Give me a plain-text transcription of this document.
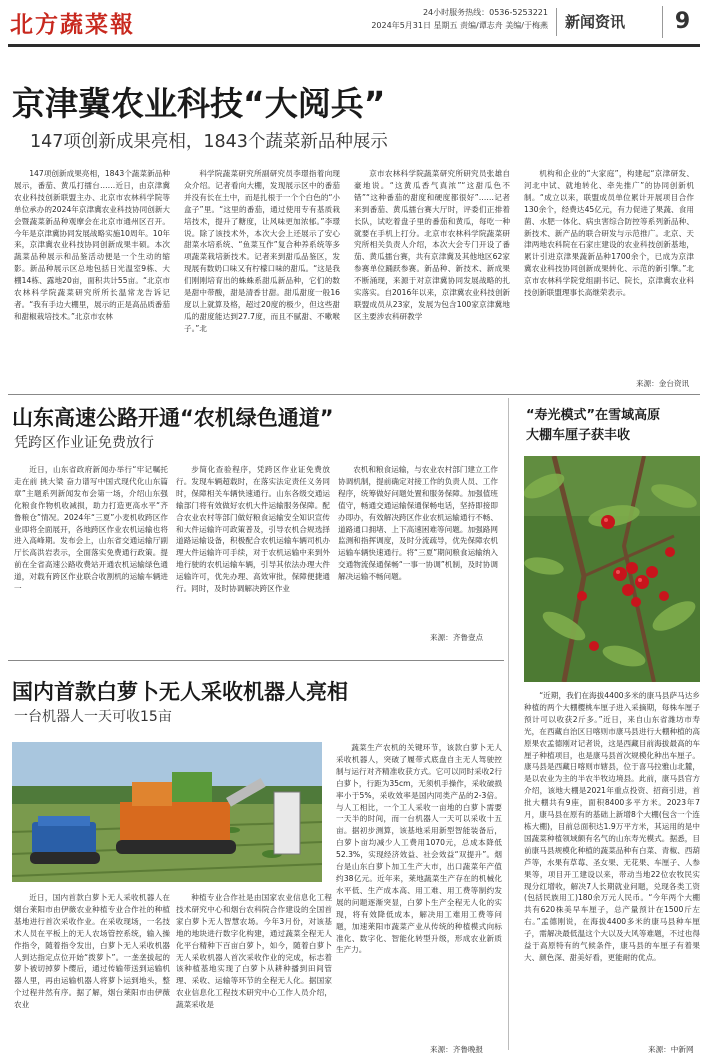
北方蔬菜報	24小时服务热线：0536-5253221
2024年5月31日 星期五 责编/谭志舟 美编/于梅燕	新闻资讯	9
京津冀农业科技“大阅兵”
147项创新成果亮相，1843个蔬菜新品种展示

147项创新成果亮相，1843个蔬菜新品种展示，番茄、黄瓜打擂台……近日，由京津冀农业科技创新联盟主办、北京市农林科学院等单位承办的2024年京津冀农业科技协同创新大会暨蔬菜新品种观摩会在北京市通州区召开。今年是京津冀协同发展战略实施10周年。10年来，京津冀农业科技协同创新成果丰硕。本次蔬菜品种展示和品鉴活动便是一个生动的缩影。新品种展示区总地包括日光温室9栋、大棚14栋、露地20亩，面积共计55亩。“北京市农林科学院蔬菜研究所所长温常龙告诉记者。“我有手边大棚里，展示的正是高品质番茄和甜椒栽培技术。”北京市农林

科学院蔬菜研究所副研究员李璟指着向现众介绍。记者看向大棚，发现展示区中的番茄并没有长在土中，而是扎根于一个个白色的“小盒子”里。“这里的番茄，通过使用专有基质栽培技术，提升了糖度，让风味更加浓郁。”李璟说。除了该技术外，本次大会上还展示了安心甜菜水培系统、“鱼菜互作”复合种养系统等多项蔬菜栽培新技术。记者来到甜瓜品鉴区，发现展有数奶口味又有柠檬口味的甜瓜。“这是我们刚刚培育出的蛛蛛系甜瓜新品种，它们的数是甜中带酸，甜是清香甘甜。甜瓜甜度一般16度以上就算及格，超过20度的极少，但这些甜瓜的甜度能达到27.7度，而且不腻甜、不嗽喉子。”北

京市农林科学院蔬菜研究所研究员张雄自豪地说。“这黄瓜香气真浓”“这甜瓜色不错”“这种番茄的甜度和硬度都很好”……记者来到番茄、黄瓜擂台赛大厅时，评委们正排着长队，试吃着盘子里的番茄和黄瓜，每吃一种就要在手机上打分。北京市农林科学院蔬菜研究所相关负责人介绍，本次大会专门开设了番茄、黄瓜擂台赛，共有京津冀及其他地区62家参赛单位踊跃参赛。新品种、新技术、新成果不断涌现，来源于对京津冀协同发展战略的扎实落实。自2016年以来，京津冀农业科技创新联盟成员从23家，发展为包含100家京津冀地区主要涉农科研教学

机构和企业的“大家庭”，构建起“京津研发、河北中试、就地转化、牵先推广”的协同创新机制。“成立以来，联盟成员单位累计开展项目合作130余个，经费达45亿元，有力促进了果蔬、食用菌、水肥一体化、病虫害综合防控等系列新品种、新技术、新产品的联合研发与示范推广。北京、天津两地农科院在石家庄建设的农业科技创新基地，累计引进京津果蔬新品种1700余个，已成为京津冀农业科技协同创新成果转化、示范的新引擎。”北京市农林科学院党组副书记、院长，京津冀农业科技创新联盟理事长高继荣表示。

来源：金台资讯
山东高速公路开通“农机绿色通道”
凭跨区作业证免费放行

近日，山东省政府新闻办举行“牢记嘱托 走在前 挑大梁 奋力谱写中国式现代化山东篇章”主题系列新闻发布会第一场，介绍山东强化粮食作物机收减损，助力打造更高水平“齐鲁粮仓”情况。2024年“三夏”小麦机收跨区作业即将全面展开，各地跨区作业农机运输也将进入高峰期。发布会上，山东省交通运输厅副厅长高洪岩表示，全面落实免费通行政策。提前在全省高速公路收费站开通农机运输绿色通道，对载有跨区作业联合收割机的运输车辆进一

步简化查验程序，凭跨区作业证免费放行。发现车辆超载时，在落实法定责任义务同时，保障相关车辆快速通行。山东各级交通运输部门将有效做好农机大件运输服务保障。配合农业农村等部门做好粮食运输安全知识宣传和大件运输许可政策普及，引导农机合规选择道路运输设备，积极配合农机运输车辆司机办理大件运输许可手续，对于农机运输中来到外地行驶的农机运输车辆，引导其依法办理大件运输许可，优先办理、高效审批，保障便捷通行。同时，及时协调解决跨区作业

农机和粮食运输，与农业农村部门建立工作协调机制，提前确定对接工作的负责人员、工作程序，统筹做好问题处置和服务保障。加强值班值守，畅通交通运输保通保畅电话，坚持即接即办即办，有效解决跨区作业农机运输通行不畅、道路通口拥堵、上下高速困难等问题。加强路网监测和指挥调度，及时分流疏导，优先保障农机运输车辆快速通行。将“三夏”期间粮食运输纳入交通物流保通保畅“一事一协调”机制，及时协调解决运输不畅问题。

来源：齐鲁壹点
“寿光模式”在雪域高原
大棚车厘子获丰收

“近期，我们在海拔4400多米的康马县萨马达乡种植的两个大棚樱桃车厘子进入采摘期，每株车厘子预计可以收获2斤多。”近日，来自山东省潍坊市寿光，在西藏自治区日喀则市康马县进行大棚种植的高原果农孟德刚对记者说，这是西藏目前海拔最高的车厘子种植项目，也是康马县首次规模化种出车厘子。康马县是西藏日喀则市辖县，位于喜马拉雅山北麓，是以农业为主的半农半牧边境县。此前，康马县官方介绍，该地大棚是2021年重点投资、招商引进，首批大棚共有9座，面积8400多平方米。2023年7月，康马县在原有的基础上新增8个大棚(包含一个连栋大棚)，目前总面积达1.9万平方米，其运用的是中国蔬菜种植领域颇有名气的山东寿光模式。据悉，目前康马县规模化种植的蔬菜品种有白菜、青椒、西葫芦等，水果有草莓、圣女果、无花果、车厘子、人参果等，项目开工建设以来，带动当地22位农牧民实现分红增收，解决7人长期就业问题，兑现各类工资(包括民族用工)180余万元人民币。“今年两个大棚共有620株美早车厘子，总产量预计在1500斤左右。”孟德刚说，在海拔4400多米的康马县种车厘子，需解决最低温这个大以及大风等难题，不过也得益于高原特有的气候条件，康马县的车厘子有着果大、颜色深、甜美好看，更能耐的优点。

来源：中新网
国内首款白萝卜无人采收机器人亮相
一台机器人一天可收15亩

近日，国内首款白萝卜无人采收机器人在烟台莱阳市由伊薇农业种植专业合作社的种植基地进行首次采收作业。在采收现场，一名技术人员在平板上的无人农场管控系统，输入操作指令，随着指令发出，白萝卜无人采收机器人到达指定点位开始“拨萝卜”。一垄垄拔起的萝卜被切掉萝卜缨后，通过传输带送到运输机器人里，再由运输机器人将萝卜运到地头，整个过程井然有序。据了解，烟台莱阳市由伊薇农业

种植专业合作社是由国家农业信息化工程技术研究中心和烟台农科院合作建设的全国首家白萝卜无人智慧农场。今年3月份，对该基地的地块进行数字化构建，通过蔬菜全程无人化平台精种下百亩白萝卜，如今，随着白萝卜无人采收机器人首次采收作业的完成，标志着该种植基地实现了白萝卜从耕种播到田间管理、采收、运输等环节的全程无人化。据国家农业信息化工程技术研究中心工作人员介绍，蔬菜采收是

蔬菜生产农机的关键环节，该款白萝卜无人采收机器人，突破了履带式底盘自主无人驾驶控制与运行对齐精准收获方式。它可以同时采收2行白萝卜，行距为35cm，无须机手操作，采收破损率小于5%，采收效率是国内同类产品的2-3倍。与人工相比，一个工人采收一亩地的白萝卜需要一天半的时间，而一台机器人一天可以采收十五亩。据初步测算，该基地采用新型智能装备后，白萝卜亩均减少人工费用1070元，总成本降低52.3%，实现经济效益、社会效益“双提升”。烟台是山东白萝卜加工生产大市，出口蔬菜年产值约38亿元。近年来，莱地蔬菜生产存在的机械化水平低、生产成本高、用工难、用工费等制约发展的问题逐渐突显，白萝卜生产全程无人化的实现，将有效降低成本，解决用工难用工费等问题，加速莱阳市蔬菜产业从传统的种植模式向标准化、数字化、智能化转型升级，形成农业新质生产力。

来源：齐鲁晚报
